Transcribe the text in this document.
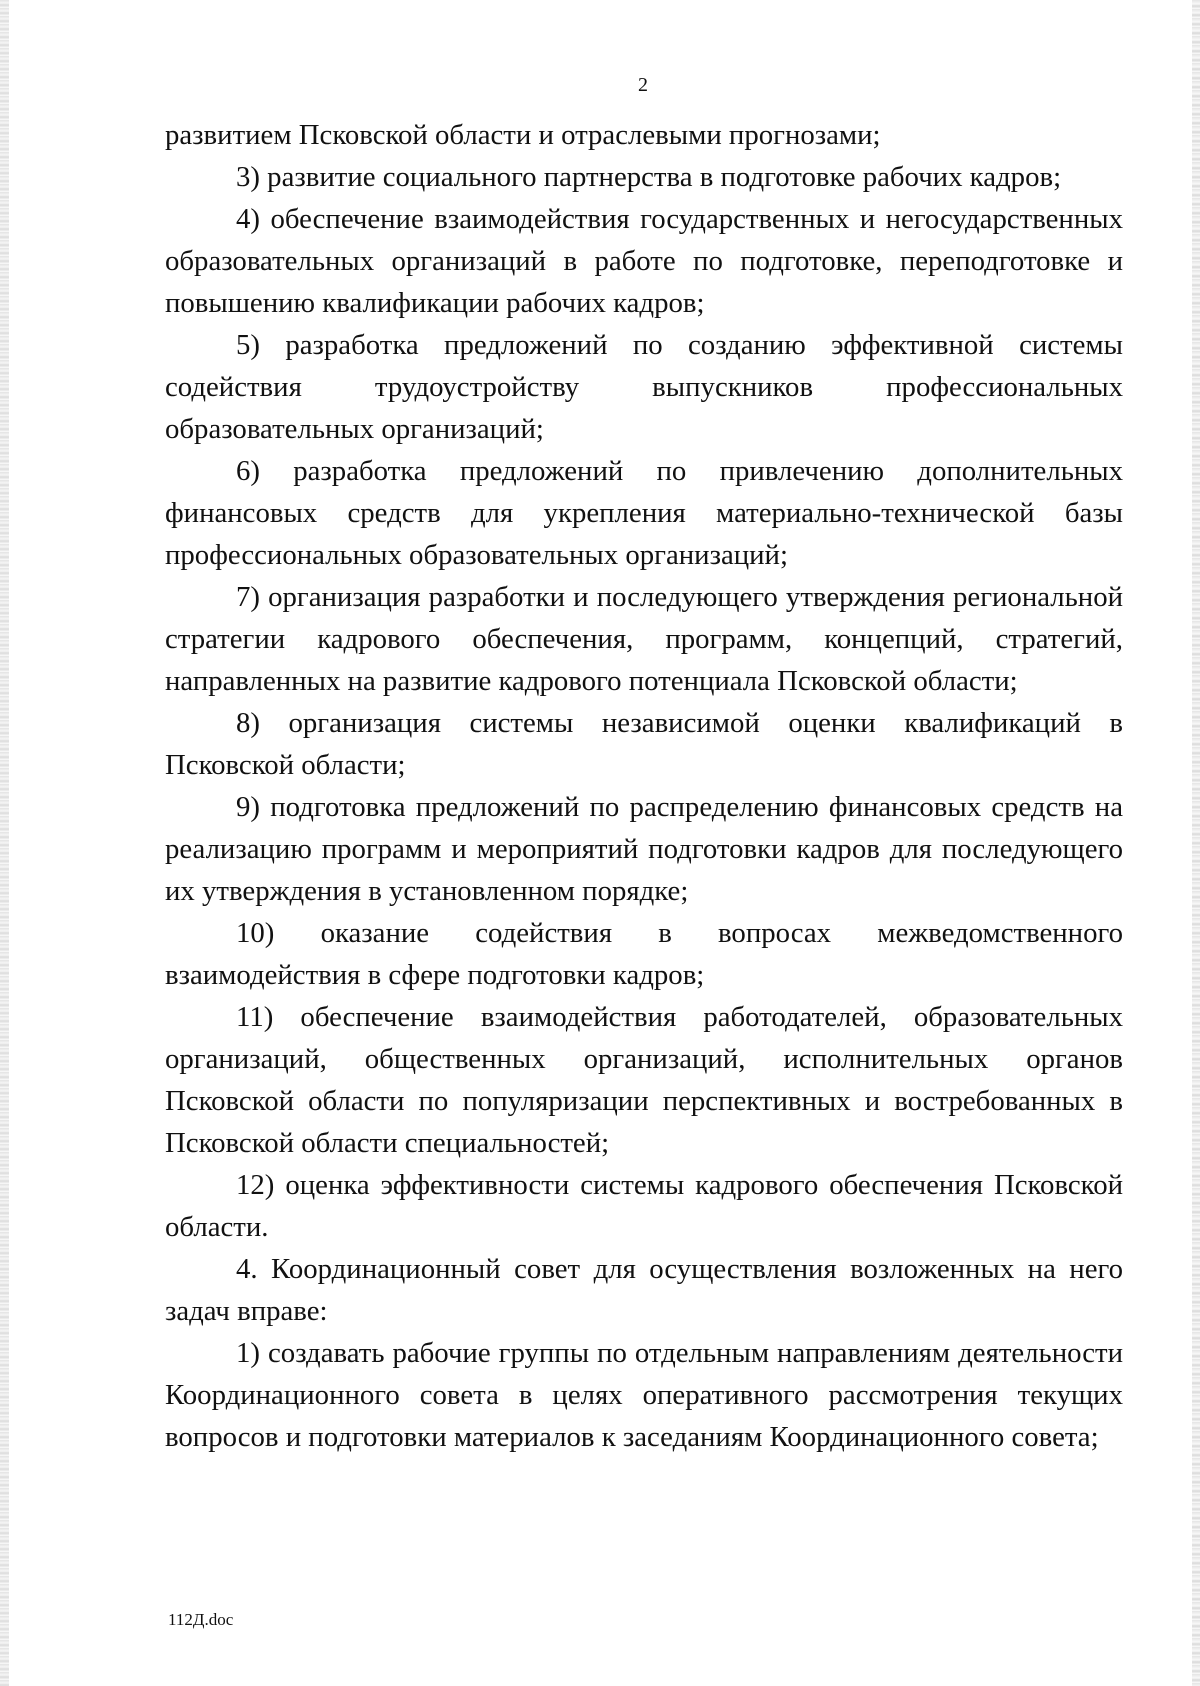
2

развитием Псковской области и отраслевыми прогнозами;

3) развитие социального партнерства в подготовке рабочих кадров;

4) обеспечение взаимодействия государственных и негосударственных образовательных организаций в работе по подготовке, переподготовке и повышению квалификации рабочих кадров;

5) разработка предложений по созданию эффективной системы содействия трудоустройству выпускников профессиональных образовательных организаций;

6) разработка предложений по привлечению дополнительных финансовых средств для укрепления материально-технической базы профессиональных образовательных организаций;

7) организация разработки и последующего утверждения региональной стратегии кадрового обеспечения, программ, концепций, стратегий, направленных на развитие кадрового потенциала Псковской области;

8) организация системы независимой оценки квалификаций в Псковской области;

9) подготовка предложений по распределению финансовых средств на реализацию программ и мероприятий подготовки кадров для последующего их утверждения в установленном порядке;

10) оказание содействия в вопросах межведомственного взаимодействия в сфере подготовки кадров;

11) обеспечение взаимодействия работодателей, образовательных организаций, общественных организаций, исполнительных органов Псковской области по популяризации перспективных и востребованных в Псковской области специальностей;

12) оценка эффективности системы кадрового обеспечения Псковской области.

4. Координационный совет для осуществления возложенных на него задач вправе:

1) создавать рабочие группы по отдельным направлениям деятельности Координационного совета в целях оперативного рассмотрения текущих вопросов и подготовки материалов к заседаниям Координационного совета;

112Д.doc
